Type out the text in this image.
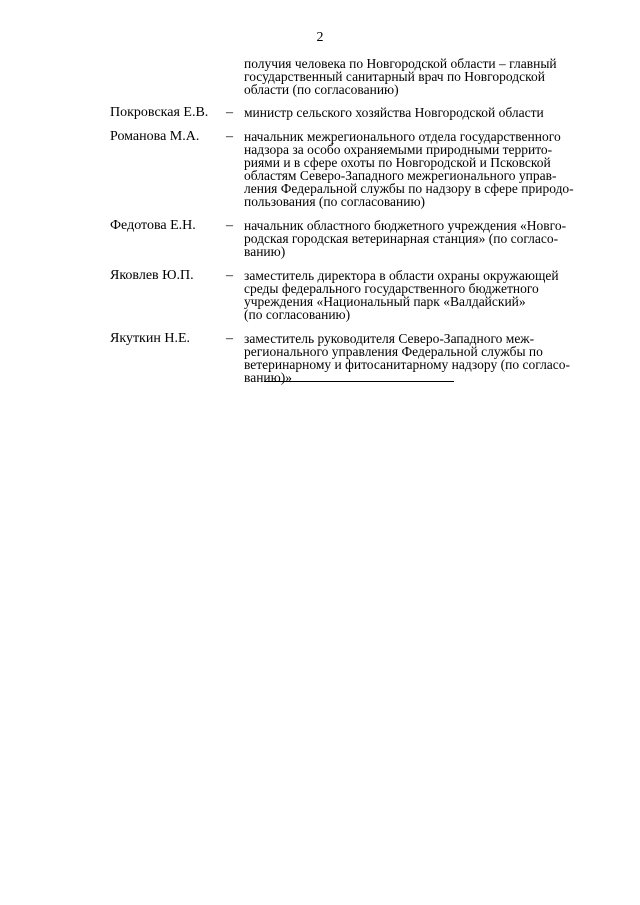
2
получия человека по Новгородской области – главный
государственный санитарный врач по Новгородской
области (по согласованию)
Покровская Е.В.	– министр сельского хозяйства Новгородской области
Романова М.А.	– начальник межрегионального отдела государственного
надзора за особо охраняемыми природными террито-
риями и в сфере охоты по Новгородской и Псковской
областям Северо-Западного межрегионального управ-
ления Федеральной службы по надзору в сфере природо-
пользования (по согласованию)
Федотова Е.Н.	– начальник областного бюджетного учреждения «Новго-
родская городская ветеринарная станция» (по согласо-
ванию)
Яковлев Ю.П.	– заместитель директора в области охраны окружающей
среды федерального государственного бюджетного
учреждения «Национальный парк «Валдайский»
(по согласованию)
Якуткин Н.Е.	– заместитель руководителя Северо-Западного меж-
регионального управления Федеральной службы по
ветеринарному и фитосанитарному надзору (по согласо-
ванию)»
